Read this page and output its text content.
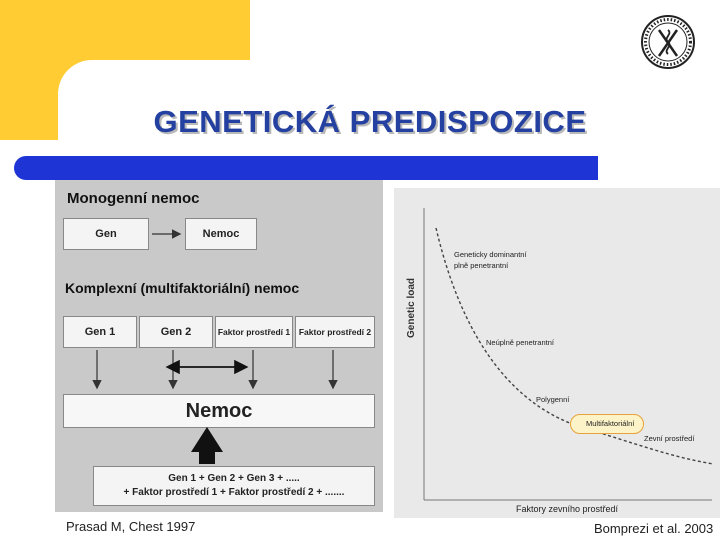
GENETICKÁ PREDISPOZICE
Monogenní nemoc
Gen	Nemoc
Komplexní (multifaktoriální) nemoc
Gen 1	Gen 2	Faktor prostředí 1	Faktor prostředí 2
Nemoc
Gen 1 + Gen 2 + Gen 3 + .....
+ Faktor prostředí 1 + Faktor prostředí 2 + .......
Genetic load
Geneticky dominantní
plně penetrantní
Neúplně penetrantní
Polygenní
Multifaktoriální
Zevní prostředí
Faktory zevního prostředí
Prasad M, Chest 1997	Bomprezi et al. 2003
